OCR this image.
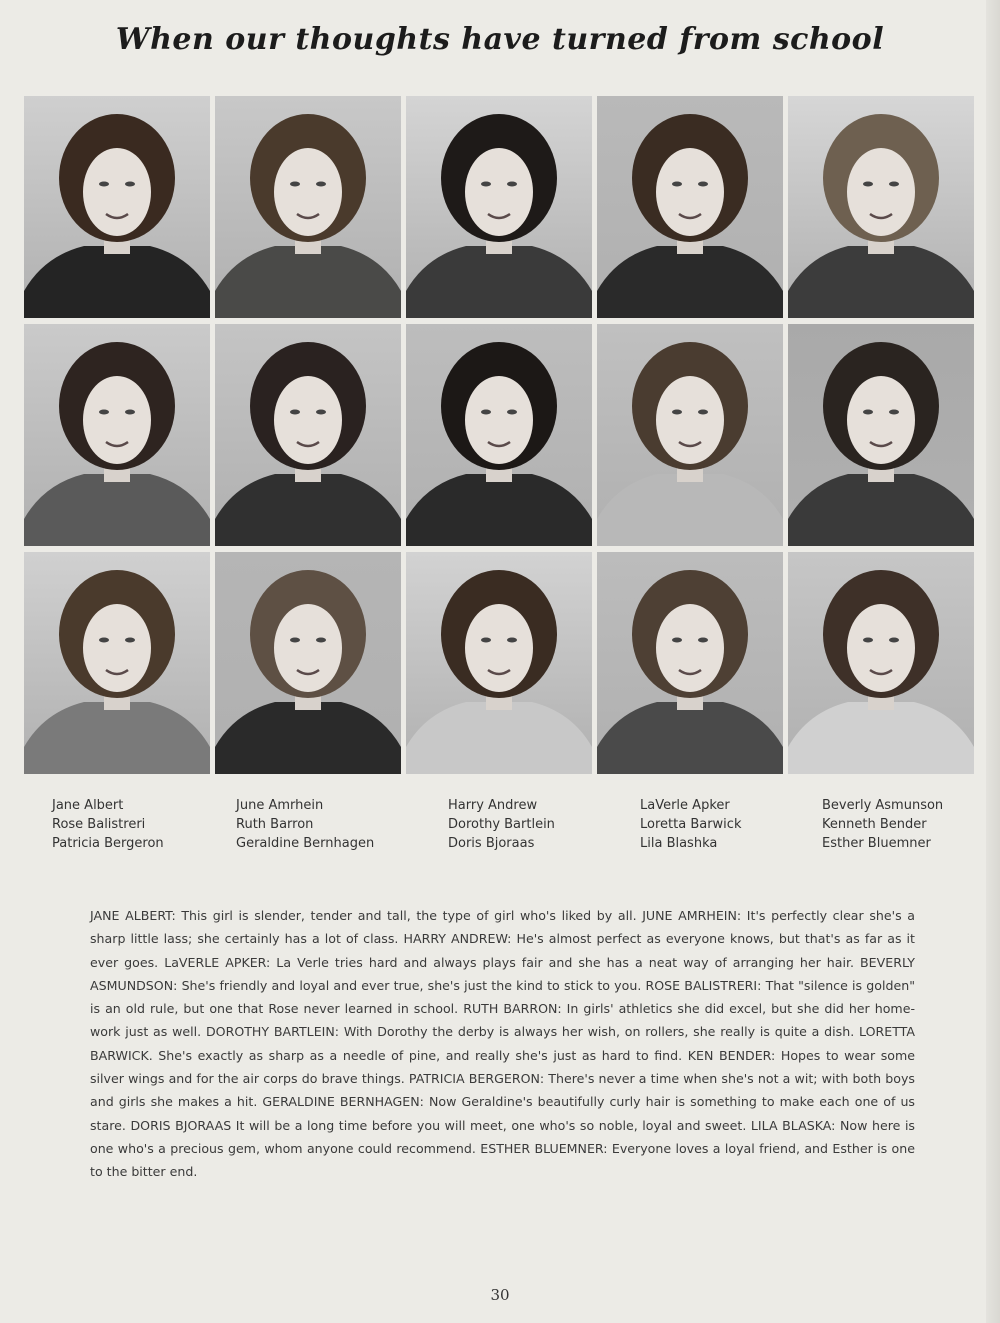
When our thoughts have turned from school
Jane Albert
Rose Balistreri
Patricia Bergeron
June Amrhein
Ruth Barron
Geraldine Bernhagen
Harry Andrew
Dorothy Bartlein
Doris Bjoraas
LaVerle Apker
Loretta Barwick
Lila Blashka
Beverly Asmunson
Kenneth Bender
Esther Bluemner
JANE ALBERT: This girl is slender, tender and tall, the type of girl who's liked by all. JUNE AMRHEIN: It's perfectly clear she's a sharp little lass; she certainly has a lot of class. HARRY ANDREW: He's almost perfect as everyone knows, but that's as far as it ever goes. LaVERLE APKER: La Verle tries hard and always plays fair and she has a neat way of arranging her hair. BEVERLY ASMUNDSON: She's friendly and loyal and ever true, she's just the kind to stick to you. ROSE BALISTRERI: That "silence is golden" is an old rule, but one that Rose never learned in school. RUTH BARRON: In girls' athletics she did excel, but she did her home-work just as well. DOROTHY BARTLEIN: With Dorothy the derby is always her wish, on rollers, she really is quite a dish. LORETTA BARWICK. She's exactly as sharp as a needle of pine, and really she's just as hard to find. KEN BENDER: Hopes to wear some silver wings and for the air corps do brave things. PATRICIA BERGERON: There's never a time when she's not a wit; with both boys and girls she makes a hit. GERALDINE BERNHAGEN: Now Geraldine's beautifully curly hair is something to make each one of us stare. DORIS BJORAAS It will be a long time before you will meet, one who's so noble, loyal and sweet. LILA BLASKA: Now here is one who's a precious gem, whom anyone could recommend. ESTHER BLUEMNER: Everyone loves a loyal friend, and Esther is one to the bitter end.
30
